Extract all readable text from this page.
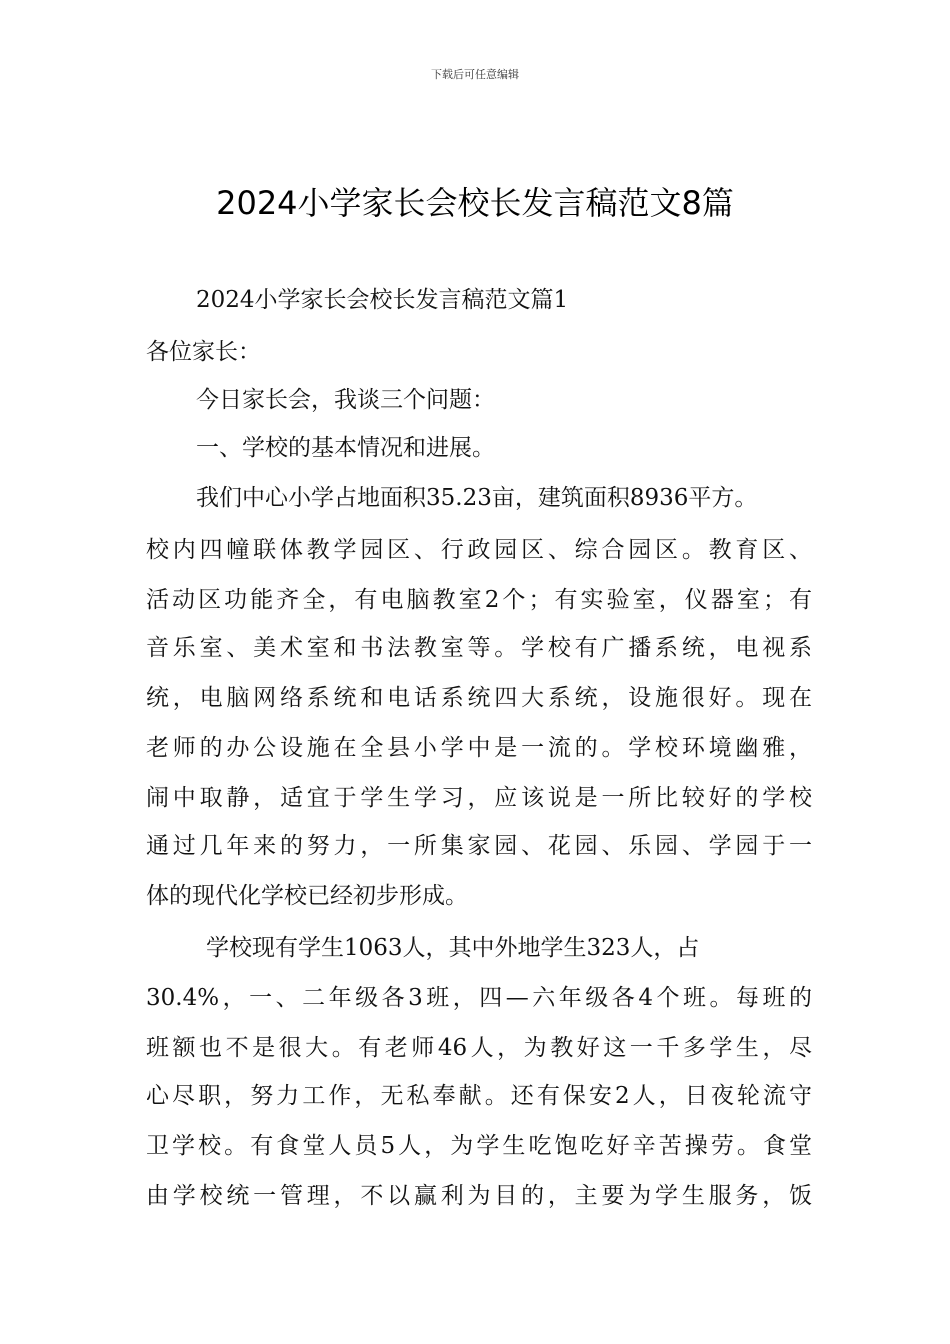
下载后可任意编辑
2024小学家长会校长发言稿范文8篇
2024小学家长会校长发言稿范文篇1
各位家长：
今日家长会，我谈三个问题：
一、学校的基本情况和进展。
我们中心小学占地面积35.23亩，建筑面积8936平方。
校内四幢联体教学园区、行政园区、综合园区。教育区、
活动区功能齐全，有电脑教室2个；有实验室，仪器室；有
音乐室、美术室和书法教室等。学校有广播系统，电视系
统，电脑网络系统和电话系统四大系统，设施很好。现在
老师的办公设施在全县小学中是一流的。学校环境幽雅，
闹中取静，适宜于学生学习，应该说是一所比较好的学校
通过几年来的努力，一所集家园、花园、乐园、学园于一
体的现代化学校已经初步形成。
学校现有学生1063人，其中外地学生323人，占
30.4%，一、二年级各3班，四—六年级各4个班。每班的
班额也不是很大。有老师46人，为教好这一千多学生，尽
心尽职，努力工作，无私奉献。还有保安2人，日夜轮流守
卫学校。有食堂人员5人，为学生吃饱吃好辛苦操劳。食堂
由学校统一管理，不以赢利为目的，主要为学生服务，饭
